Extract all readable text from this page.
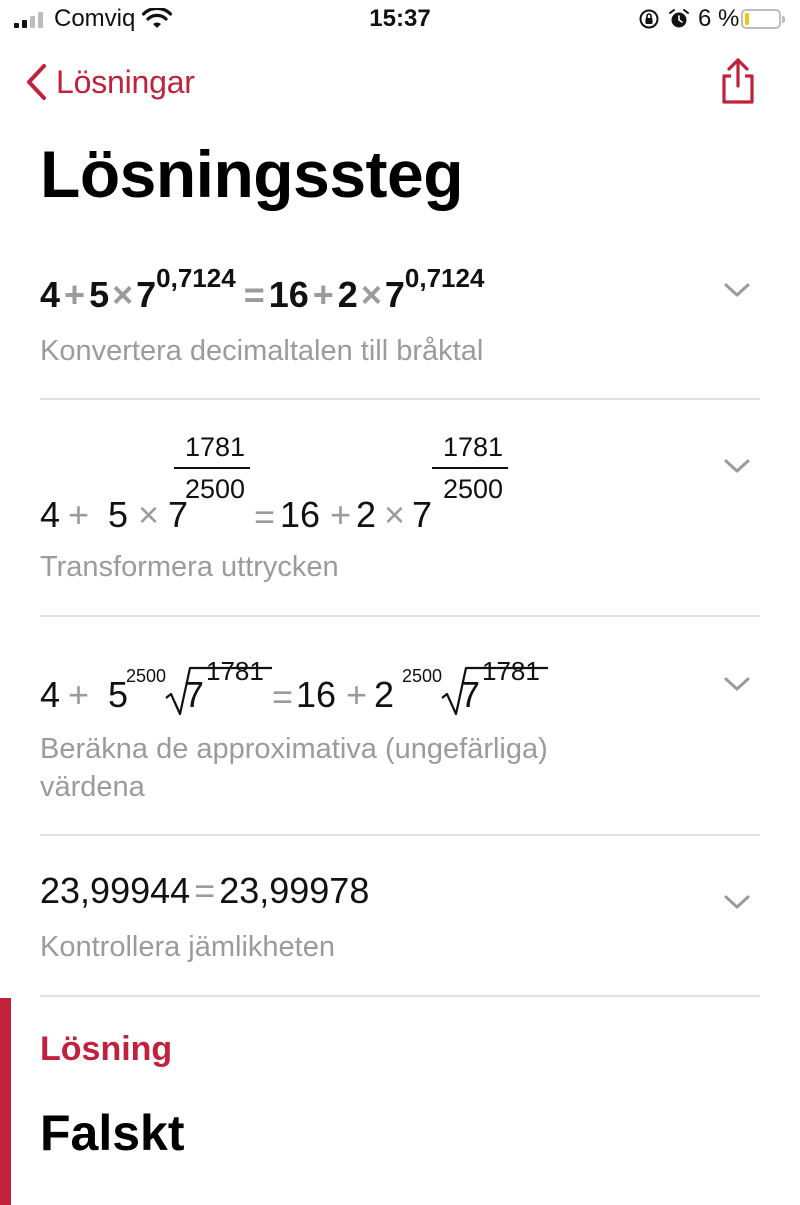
Comviq	15:37	6 %
Lösningar
Lösningssteg
$4 + 5\times 7^{0,7124} = 16 + 2\times 7^{0,7124}$
Konvertera decimaltalen till bråktal
4 + 5 × 7
1781
2500
= 16 + 2 × 7
1781
2500
Transformera uttrycken
4 + 5
2500 7
1781
= 16 + 2 2500 7
1781
Beräkna de approximativa (ungefärliga)
värdena
23,99944 = 23,99978
Kontrollera jämlikheten
Lösning
Falskt
